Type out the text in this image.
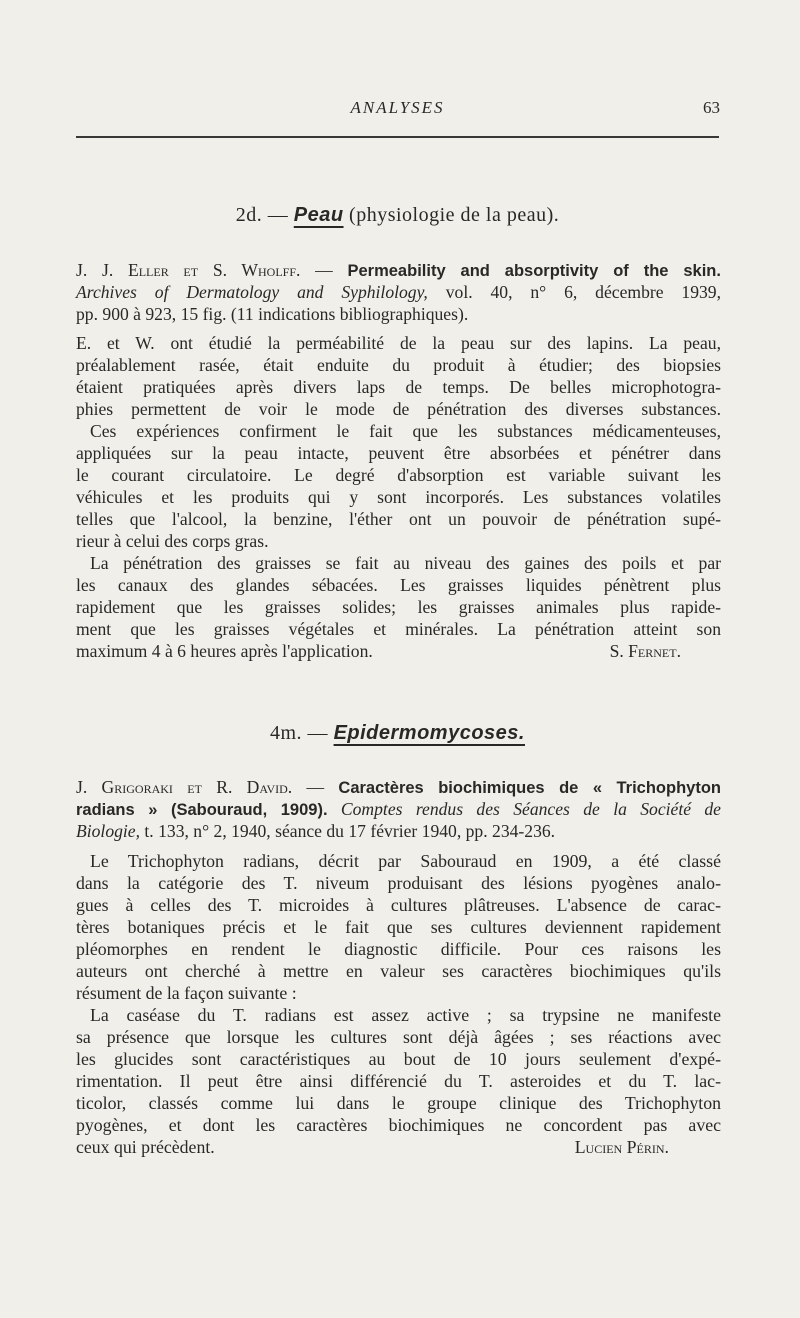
ANALYSES	63
2d. — Peau (physiologie de la peau).
J. J. Eller et S. Wholff. — Permeability and absorptivity of the skin.
Archives of Dermatology and Syphilology, vol. 40, n° 6, décembre 1939,
pp. 900 à 923, 15 fig. (11 indications bibliographiques).
E. et W. ont étudié la perméabilité de la peau sur des lapins. La peau,
préalablement rasée, était enduite du produit à étudier; des biopsies
étaient pratiquées après divers laps de temps. De belles microphotogra-
phies permettent de voir le mode de pénétration des diverses substances.
Ces expériences confirment le fait que les substances médicamenteuses,
appliquées sur la peau intacte, peuvent être absorbées et pénétrer dans
le courant circulatoire. Le degré d'absorption est variable suivant les
véhicules et les produits qui y sont incorporés. Les substances volatiles
telles que l'alcool, la benzine, l'éther ont un pouvoir de pénétration supé-
rieur à celui des corps gras.
La pénétration des graisses se fait au niveau des gaines des poils et par
les canaux des glandes sébacées. Les graisses liquides pénètrent plus
rapidement que les graisses solides; les graisses animales plus rapide-
ment que les graisses végétales et minérales. La pénétration atteint son
maximum 4 à 6 heures après l'application.	S. Fernet.
4m. — Epidermomycoses.
J. Grigoraki et R. David. — Caractères biochimiques de « Trichophyton
radians » (Sabouraud, 1909). Comptes rendus des Séances de la Société de
Biologie, t. 133, n° 2, 1940, séance du 17 février 1940, pp. 234-236.
Le Trichophyton radians, décrit par Sabouraud en 1909, a été classé
dans la catégorie des T. niveum produisant des lésions pyogènes analo-
gues à celles des T. microides à cultures plâtreuses. L'absence de carac-
tères botaniques précis et le fait que ses cultures deviennent rapidement
pléomorphes en rendent le diagnostic difficile. Pour ces raisons les
auteurs ont cherché à mettre en valeur ses caractères biochimiques qu'ils
résument de la façon suivante :
La caséase du T. radians est assez active ; sa trypsine ne manifeste
sa présence que lorsque les cultures sont déjà âgées ; ses réactions avec
les glucides sont caractéristiques au bout de 10 jours seulement d'expé-
rimentation. Il peut être ainsi différencié du T. asteroides et du T. lac-
ticolor, classés comme lui dans le groupe clinique des Trichophyton
pyogènes, et dont les caractères biochimiques ne concordent pas avec
ceux qui précèdent.	Lucien Périn.
